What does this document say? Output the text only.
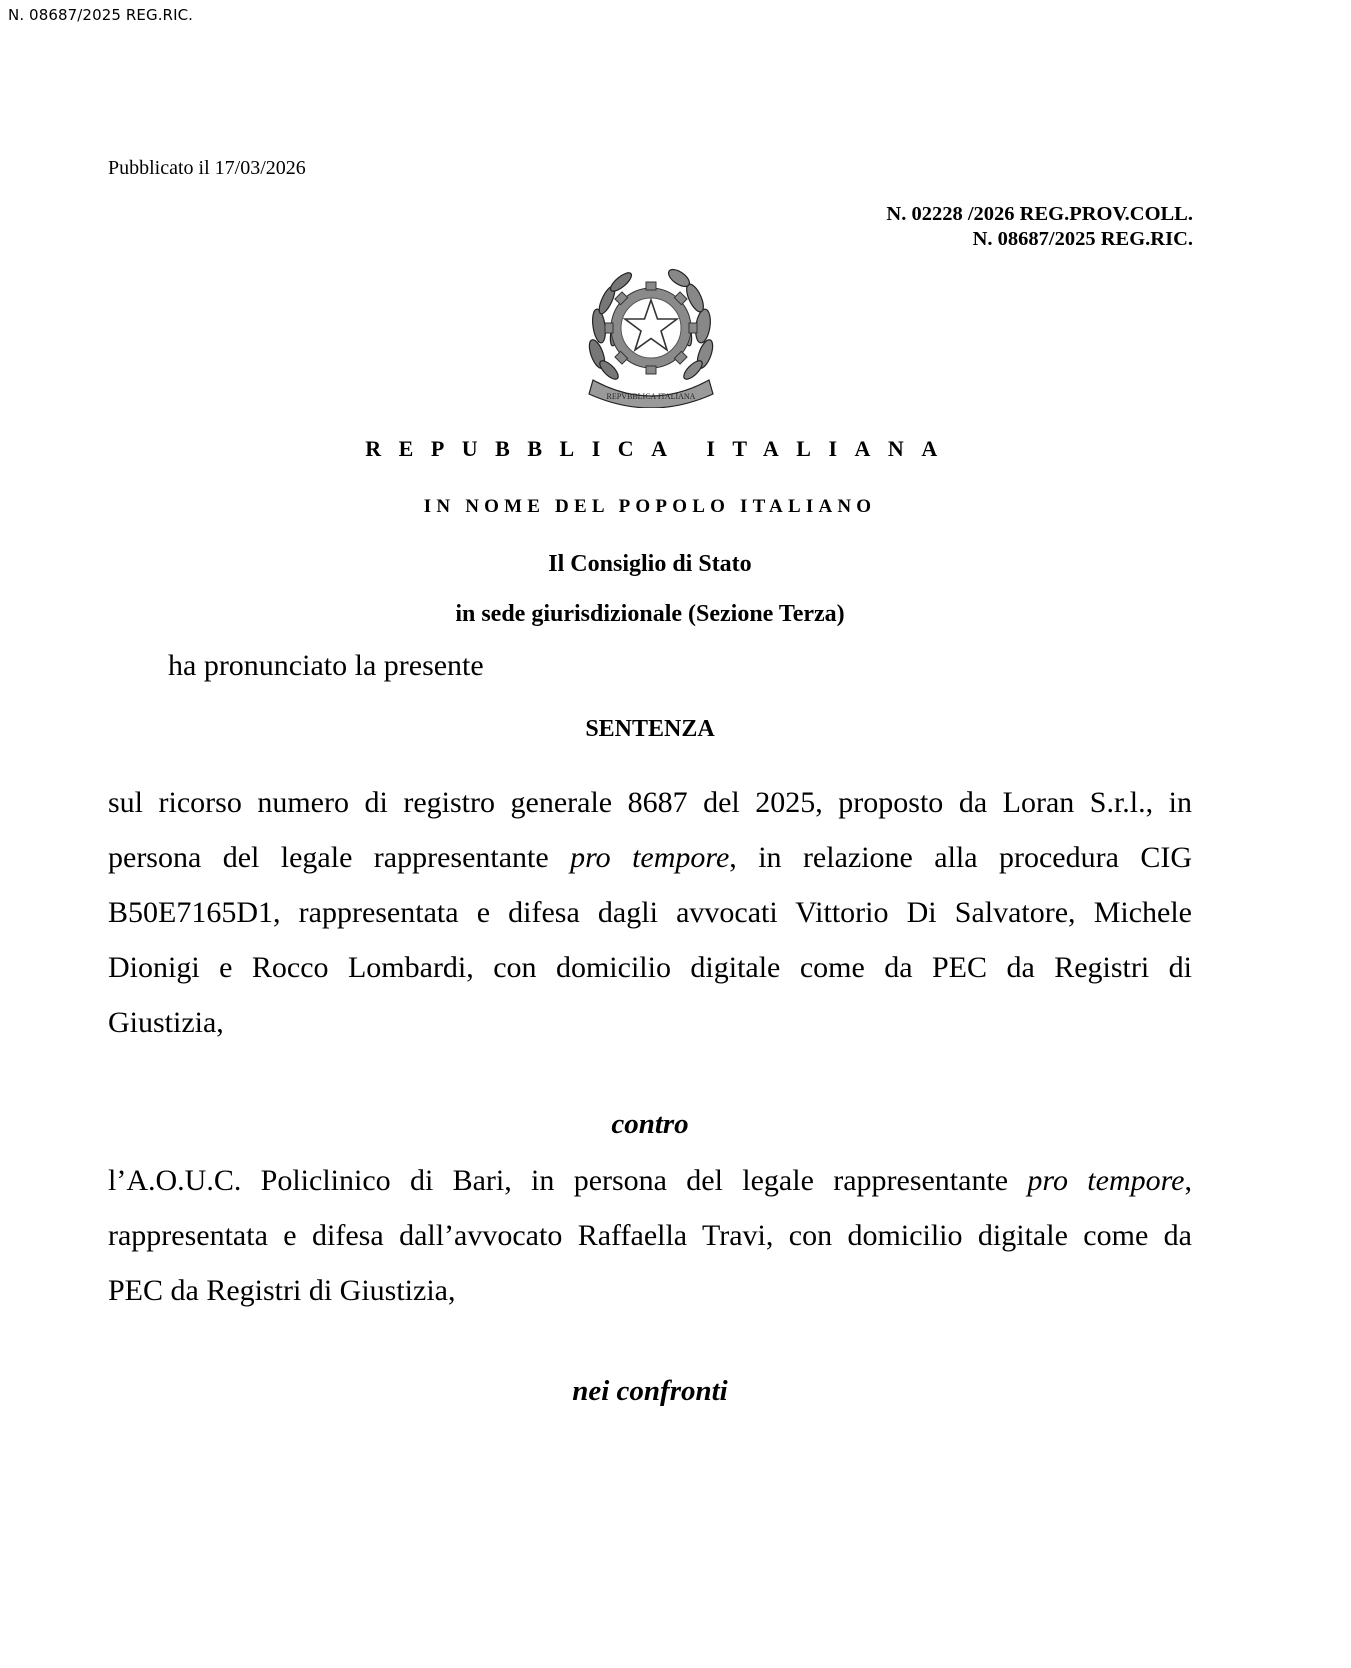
N. 08687/2025 REG.RIC.
Pubblicato il 17/03/2026
N. 02228 /2026 REG.PROV.COLL.
N. 08687/2025 REG.RIC.
REPVBBLICA ITALIANA
REPUBBLICA ITALIANA
IN NOME DEL POPOLO ITALIANO
Il Consiglio di Stato
in sede giurisdizionale (Sezione Terza)
ha pronunciato la presente
SENTENZA
sul ricorso numero di registro generale 8687 del 2025, proposto da Loran S.r.l., in
persona del legale rappresentante pro tempore, in relazione alla procedura CIG
B50E7165D1, rappresentata e difesa dagli avvocati Vittorio Di Salvatore, Michele
Dionigi e Rocco Lombardi, con domicilio digitale come da PEC da Registri di
Giustizia,
contro
l’A.O.U.C. Policlinico di Bari, in persona del legale rappresentante pro tempore,
rappresentata e difesa dall’avvocato Raffaella Travi, con domicilio digitale come da
PEC da Registri di Giustizia,
nei confronti
